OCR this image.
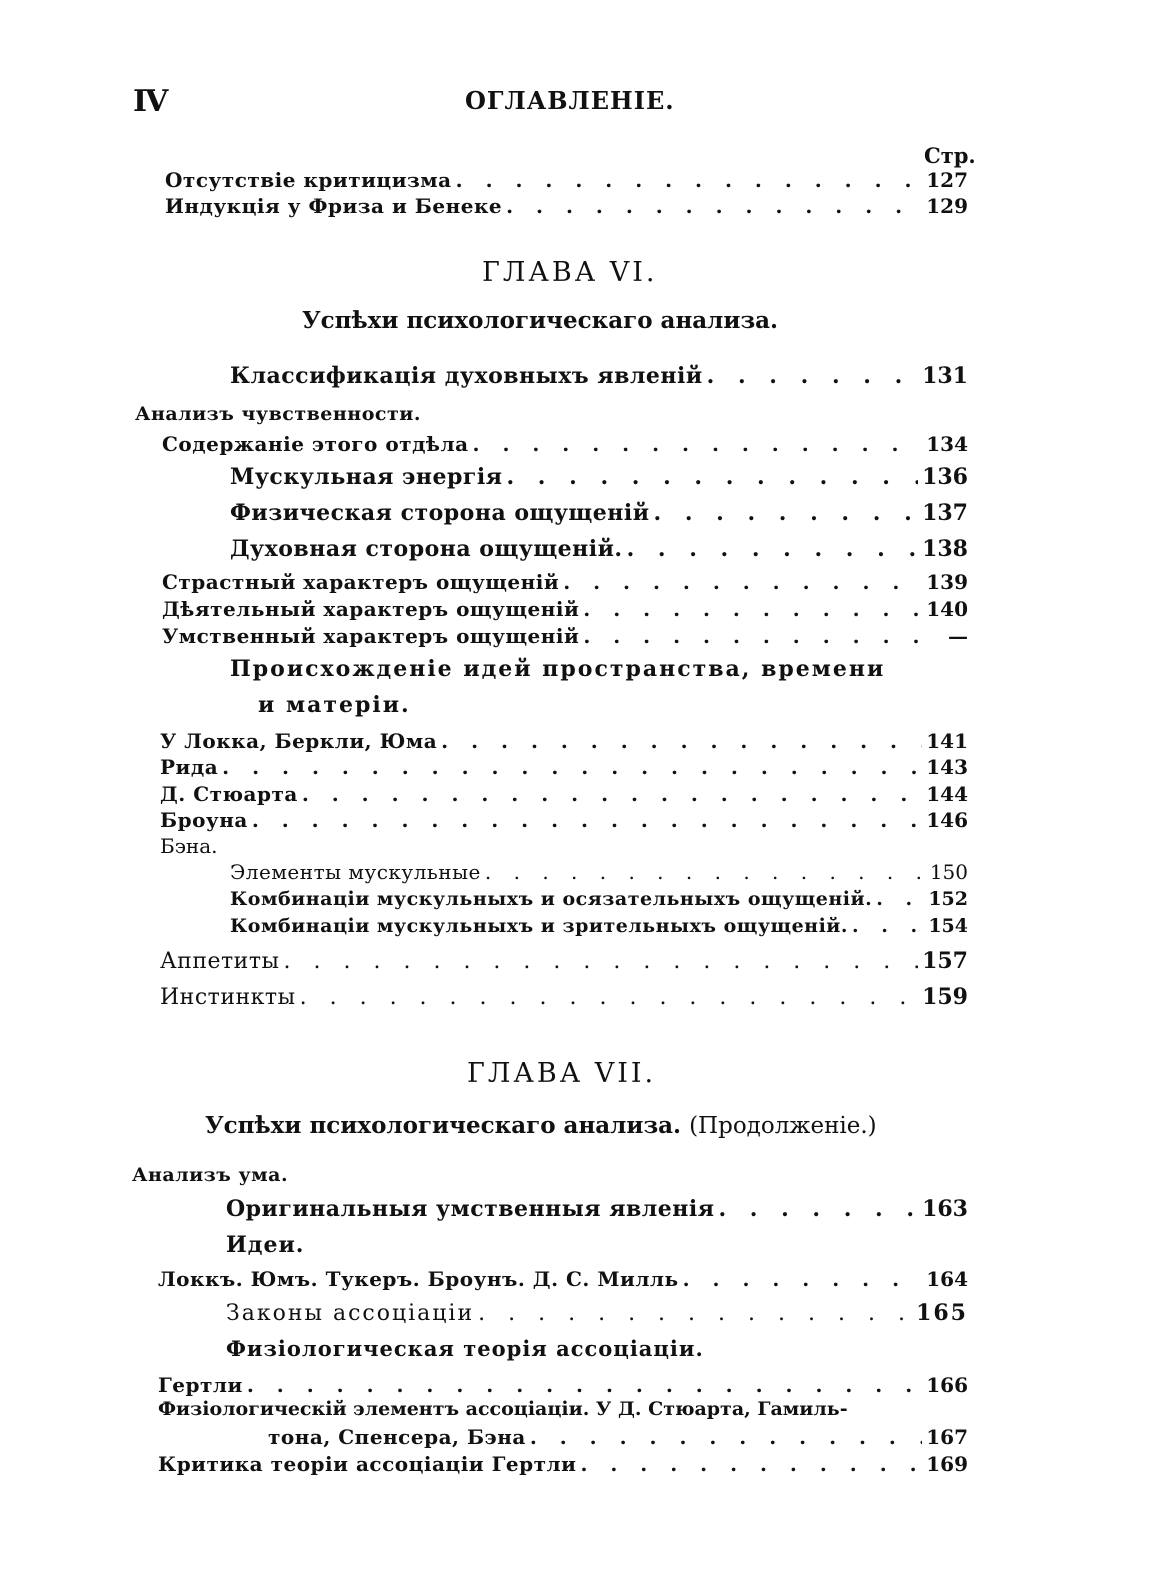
IV	ОГЛАВЛЕНІЕ.
Стр.
Отсутствіе критицизма . . .	127
Индукція у Фриза и Бенеке . . .	129
ГЛАВА VI.
Успѣхи психологическаго анализа.
Классификація духовныхъ явленій . . .	131
Анализъ чувственности.
Содержаніе этого отдѣла . . .	134
Мускульная энергія . . .	136
Физическая сторона ощущеній . . .	137
Духовная сторона ощущеній. . . .	138
Страстный характеръ ощущеній . . .	139
Дѣятельный характеръ ощущеній . . .	140
Умственный характеръ ощущеній . . .	—
Происхожденіе идей пространства, времени
и матеріи.
У Локка, Беркли, Юма . . .	141
Рида . . .	143
Д. Стюарта . . .	144
Броуна . . .	146
Бэна.
Элементы мускульные . . .	150
Комбинаціи мускульныхъ и осязательныхъ ощущеній. . . .	152
Комбинаціи мускульныхъ и зрительныхъ ощущеній. . . .	154
Аппетиты . . .	157
Инстинкты . . .	159
ГЛАВА VII.
Успѣхи психологическаго анализа. (Продолженіе.)
Анализъ ума.
Оригинальныя умственныя явленія . . .	163
Идеи.
Локкъ. Юмъ. Тукеръ. Броунъ. Д. С. Милль . . .	164
Законы ассоціаціи . . .	165
Физіологическая теорія ассоціаціи.
Гертли . . .	166
Физіологическій элементъ ассоціаціи. У Д. Стюарта, Гамиль-
тона, Спенсера, Бэна . . .	167
Критика теоріи ассоціаціи Гертли . . .	169
